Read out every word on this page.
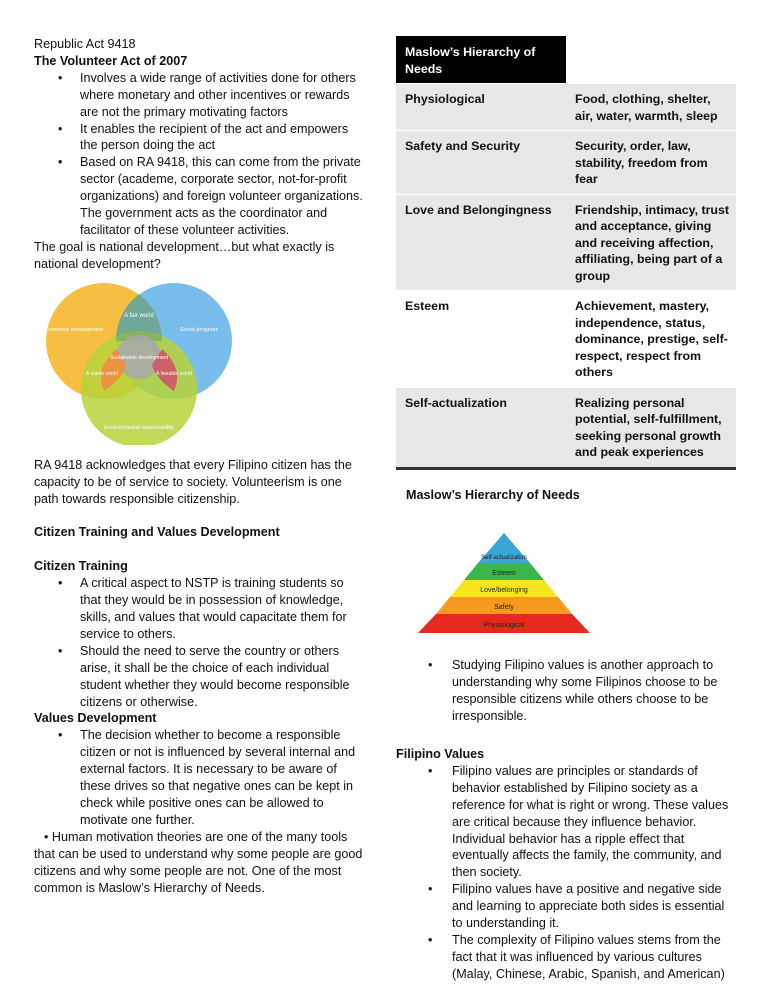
Republic Act 9418

The Volunteer Act of 2007

• Involves a wide range of activities done for others where monetary and other incentives or rewards are not the primary motivating factors
• It enables the recipient of the act and empowers the person doing the act
• Based on RA 9418, this can come from the private sector (academe, corporate sector, not-for-profit organizations) and foreign volunteer organizations. The government acts as the coordinator and facilitator of these volunteer activities.

The goal is national development…but what exactly is national development?

A fair world
Sustainable development
A liveable world
A viable world
Economic development	Social progress
Environmental responsibility

RA 9418 acknowledges that every Filipino citizen has the capacity to be of service to society. Volunteerism is one path towards responsible citizenship.

Citizen Training and Values Development

Citizen Training

• A critical aspect to NSTP is training students so that they would be in possession of knowledge, skills, and values that would capacitate them for service to others.
• Should the need to serve the country or others arise, it shall be the choice of each individual student whether they would become responsible citizens or otherwise.

Values Development

• The decision whether to become a responsible citizen or not is influenced by several internal and external factors. It is necessary to be aware of these drives so that negative ones can be kept in check while positive ones can be allowed to motivate one further.

• Human motivation theories are one of the many tools that can be used to understand why some people are good citizens and why some people are not. One of the most common is Maslow’s Hierarchy of Needs.

Maslow’s Hierarchy of Needs	
Physiological	Food, clothing, shelter, air, water, warmth, sleep
Safety and Security	Security, order, law, stability, freedom from fear
Love and Belongingness	Friendship, intimacy, trust and acceptance, giving and receiving affection, affiliating, being part of a group
Esteem	Achievement, mastery, independence, status, dominance, prestige, self-respect, respect from others
Self-actualization	Realizing personal potential, self-fulfillment, seeking personal growth and peak experiences

Maslow’s Hierarchy of Needs

Self-actualization
Esteem
Love/belonging
Safety
Physiological
• Studying Filipino values is another approach to understanding why some Filipinos choose to be responsible citizens while others choose to be irresponsible.

Filipino Values

• Filipino values are principles or standards of behavior established by Filipino society as a reference for what is right or wrong. These values are critical because they influence behavior. Individual behavior has a ripple effect that eventually affects the family, the community, and then society.
• Filipino values have a positive and negative side and learning to appreciate both sides is essential to understanding it.
• The complexity of Filipino values stems from the fact that it was influenced by various cultures (Malay, Chinese, Arabic, Spanish, and American)
